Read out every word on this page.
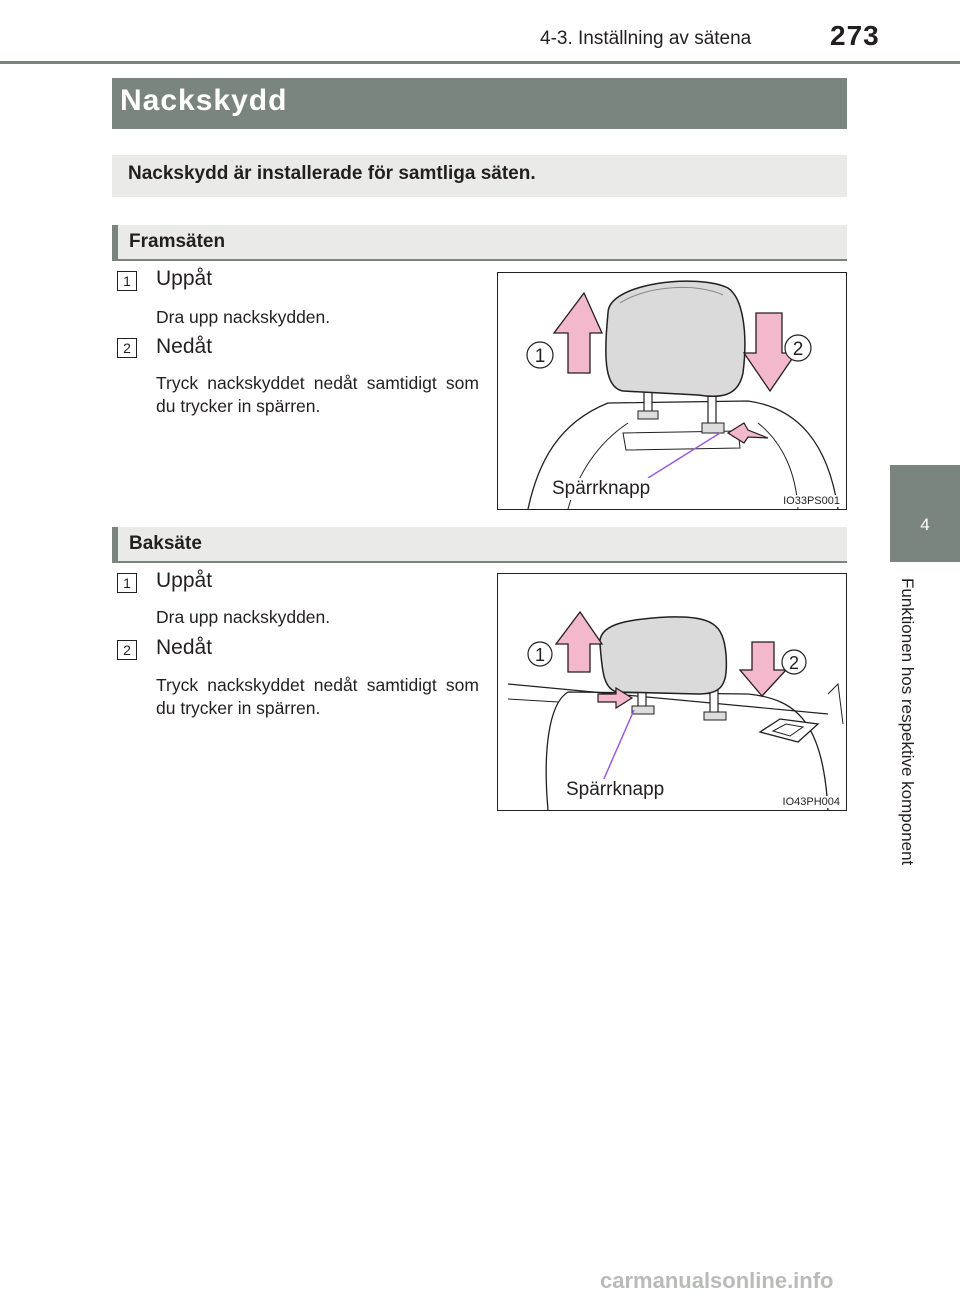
4-3. Inställning av sätena	273
4
Funktionen hos respektive komponent
Nackskydd
Nackskydd är installerade för samtliga säten.
Framsäten
1 Uppåt
Dra upp nackskydden.
2 Nedåt
Tryck nackskyddet nedåt samtidigt som du trycker in spärren.
1	2
Spärrknapp
IO33PS001
Baksäte
1 Uppåt
Dra upp nackskydden.
2 Nedåt
Tryck nackskyddet nedåt samtidigt som du trycker in spärren.
1	2
Spärrknapp
IO43PH004
carmanualsonline.info
